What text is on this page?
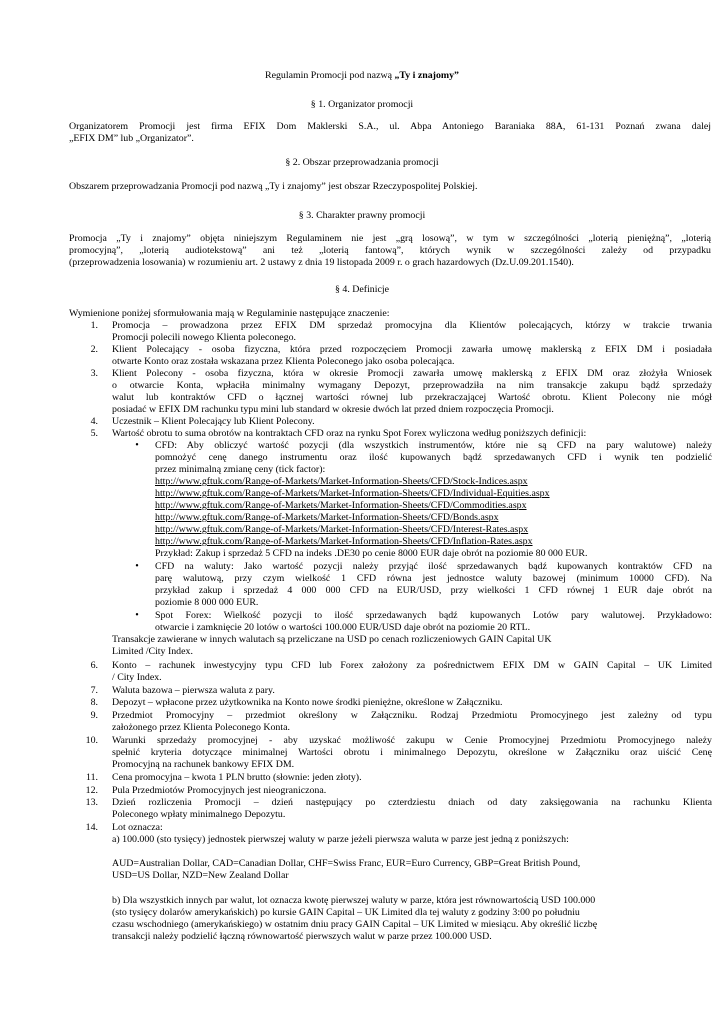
Regulamin Promocji pod nazwą „Ty i znajomy”
§ 1. Organizator promocji
Organizatorem Promocji jest firma EFIX Dom Maklerski S.A., ul. Abpa Antoniego Baraniaka 88A, 61-131 Poznań zwana dalej
„EFIX DM” lub „Organizator”.
§ 2. Obszar przeprowadzania promocji
Obszarem przeprowadzania Promocji pod nazwą „Ty i znajomy” jest obszar Rzeczypospolitej Polskiej.
§ 3. Charakter prawny promocji
Promocja „Ty i znajomy” objęta niniejszym Regulaminem nie jest „grą losową”, w tym w szczególności „loterią pieniężną”, „loterią
promocyjną”, „loterią audiotekstową” ani też „loterią fantową”, których wynik w szczególności zależy od przypadku
(przeprowadzenia losowania) w rozumieniu art. 2 ustawy z dnia 19 listopada 2009 r. o grach hazardowych (Dz.U.09.201.1540).
§ 4. Definicje
Wymienione poniżej sformułowania mają w Regulaminie następujące znaczenie:
1. Promocja – prowadzona przez EFIX DM sprzedaż promocyjna dla Klientów polecających, którzy w trakcie trwania
Promocji polecili nowego Klienta poleconego.
2. Klient Polecający - osoba fizyczna, która przed rozpoczęciem Promocji zawarła umowę maklerską z EFIX DM i posiadała
otwarte Konto oraz została wskazana przez Klienta Poleconego jako osoba polecająca.
3. Klient Polecony - osoba fizyczna, która w okresie Promocji zawarła umowę maklerską z EFIX DM oraz złożyła Wniosek
o otwarcie Konta, wpłaciła minimalny wymagany Depozyt, przeprowadziła na nim transakcje zakupu bądź sprzedaży
walut lub kontraktów CFD o łącznej wartości równej lub przekraczającej Wartość obrotu. Klient Polecony nie mógł
posiadać w EFIX DM rachunku typu mini lub standard w okresie dwóch lat przed dniem rozpoczęcia Promocji.
4. Uczestnik – Klient Polecający lub Klient Polecony.
5. Wartość obrotu to suma obrotów na kontraktach CFD oraz na rynku Spot Forex wyliczona według poniższych definicji:
•	CFD: Aby obliczyć wartość pozycji (dla wszystkich instrumentów, które nie są CFD na pary walutowe) należy
pomnożyć cenę danego instrumentu oraz ilość kupowanych bądź sprzedawanych CFD i wynik ten podzielić
przez minimalną zmianę ceny (tick factor):
http://www.gftuk.com/Range-of-Markets/Market-Information-Sheets/CFD/Stock-Indices.aspx
http://www.gftuk.com/Range-of-Markets/Market-Information-Sheets/CFD/Individual-Equities.aspx
http://www.gftuk.com/Range-of-Markets/Market-Information-Sheets/CFD/Commodities.aspx
http://www.gftuk.com/Range-of-Markets/Market-Information-Sheets/CFD/Bonds.aspx
http://www.gftuk.com/Range-of-Markets/Market-Information-Sheets/CFD/Interest-Rates.aspx
http://www.gftuk.com/Range-of-Markets/Market-Information-Sheets/CFD/Inflation-Rates.aspx
Przykład: Zakup i sprzedaż 5 CFD na indeks .DE30 po cenie 8000 EUR daje obrót na poziomie 80 000 EUR.
•	CFD na waluty: Jako wartość pozycji należy przyjąć ilość sprzedawanych bądź kupowanych kontraktów CFD na
parę walutową, przy czym wielkość 1 CFD równa jest jednostce waluty bazowej (minimum 10000 CFD). Na
przykład zakup i sprzedaż 4 000 000 CFD na EUR/USD, przy wielkości 1 CFD równej 1 EUR daje obrót na
poziomie 8 000 000 EUR.
•	Spot Forex: Wielkość pozycji to ilość sprzedawanych bądź kupowanych Lotów pary walutowej. Przykładowo:
otwarcie i zamknięcie 20 lotów o wartości 100.000 EUR/USD daje obrót na poziomie 20 RTL.
Transakcje zawierane w innych walutach są przeliczane na USD po cenach rozliczeniowych GAIN Capital UK
Limited /City Index.
6. Konto – rachunek inwestycyjny typu CFD lub Forex założony za pośrednictwem EFIX DM w GAIN Capital – UK Limited
/ City Index.
7. Waluta bazowa – pierwsza waluta z pary.
8. Depozyt – wpłacone przez użytkownika na Konto nowe środki pieniężne, określone w Załączniku.
9. Przedmiot Promocyjny – przedmiot określony w Załączniku. Rodzaj Przedmiotu Promocyjnego jest zależny od typu
założonego przez Klienta Poleconego Konta.
10. Warunki sprzedaży promocyjnej - aby uzyskać możliwość zakupu w Cenie Promocyjnej Przedmiotu Promocyjnego należy
spełnić kryteria dotyczące minimalnej Wartości obrotu i minimalnego Depozytu, określone w Załączniku oraz uiścić Cenę
Promocyjną na rachunek bankowy EFIX DM.
11. Cena promocyjna – kwota 1 PLN brutto (słownie: jeden złoty).
12. Pula Przedmiotów Promocyjnych jest nieograniczona.
13. Dzień rozliczenia Promocji – dzień następujący po czterdziestu dniach od daty zaksięgowania na rachunku Klienta
Poleconego wpłaty minimalnego Depozytu.
14. Lot oznacza:
a) 100.000 (sto tysięcy) jednostek pierwszej waluty w parze jeżeli pierwsza waluta w parze jest jedną z poniższych:
AUD=Australian Dollar, CAD=Canadian Dollar, CHF=Swiss Franc, EUR=Euro Currency, GBP=Great British Pound,
USD=US Dollar, NZD=New Zealand Dollar
b) Dla wszystkich innych par walut, lot oznacza kwotę pierwszej waluty w parze, która jest równowartością USD 100.000
(sto tysięcy dolarów amerykańskich) po kursie GAIN Capital – UK Limited dla tej waluty z godziny 3:00 po południu
czasu wschodniego (amerykańskiego) w ostatnim dniu pracy GAIN Capital – UK Limited w miesiącu. Aby określić liczbę
transakcji należy podzielić łączną równowartość pierwszych walut w parze przez 100.000 USD.
